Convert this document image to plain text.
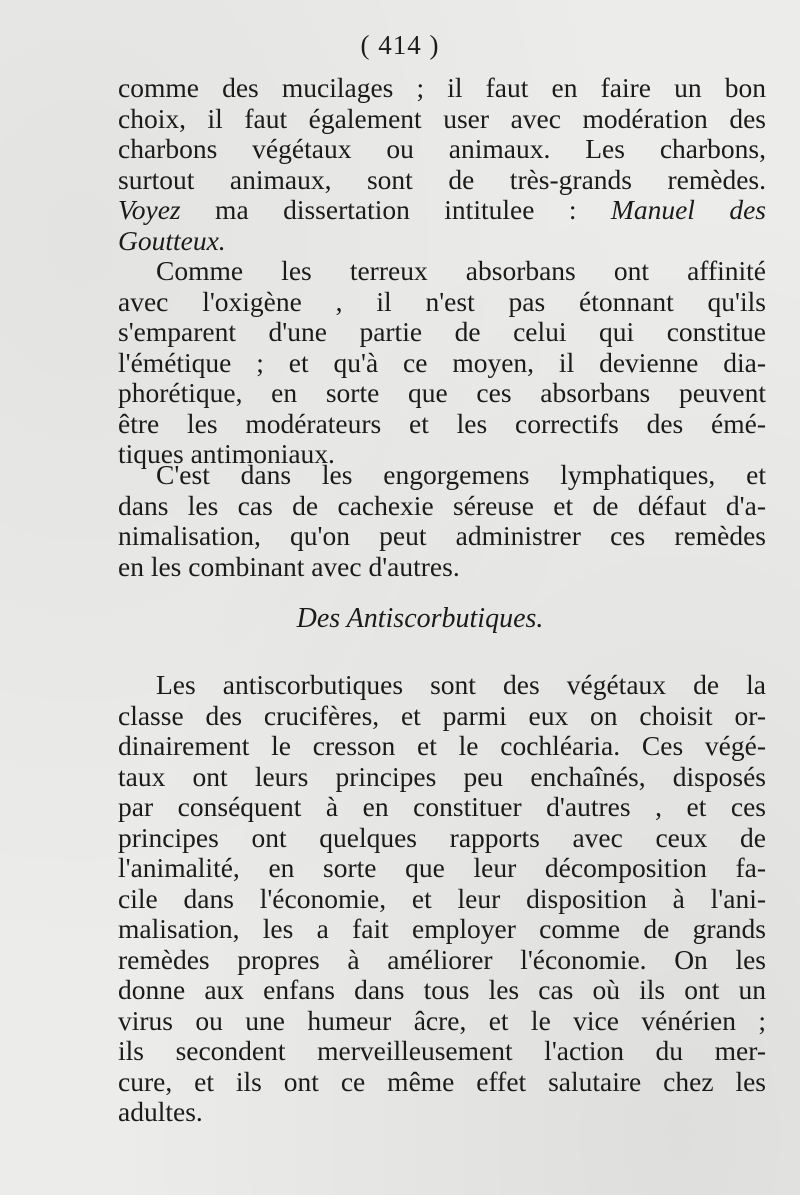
( 414 )
comme des mucilages ; il faut en faire un bon
choix, il faut également user avec modération des
charbons végétaux ou animaux. Les charbons,
surtout animaux, sont de très-grands remèdes.
Voyez ma dissertation intitulee : Manuel des
Goutteux.
Comme les terreux absorbans ont affinité
avec l'oxigène , il n'est pas étonnant qu'ils
s'emparent d'une partie de celui qui constitue
l'émétique ; et qu'à ce moyen, il devienne dia-
phorétique, en sorte que ces absorbans peuvent
être les modérateurs et les correctifs des émé-
tiques antimoniaux.
C'est dans les engorgemens lymphatiques, et
dans les cas de cachexie séreuse et de défaut d'a-
nimalisation, qu'on peut administrer ces remèdes
en les combinant avec d'autres.
Des Antiscorbutiques.
Les antiscorbutiques sont des végétaux de la
classe des crucifères, et parmi eux on choisit or-
dinairement le cresson et le cochléaria. Ces végé-
taux ont leurs principes peu enchaînés, disposés
par conséquent à en constituer d'autres , et ces
principes ont quelques rapports avec ceux de
l'animalité, en sorte que leur décomposition fa-
cile dans l'économie, et leur disposition à l'ani-
malisation, les a fait employer comme de grands
remèdes propres à améliorer l'économie. On les
donne aux enfans dans tous les cas où ils ont un
virus ou une humeur âcre, et le vice vénérien ;
ils secondent merveilleusement l'action du mer-
cure, et ils ont ce même effet salutaire chez les
adultes.
